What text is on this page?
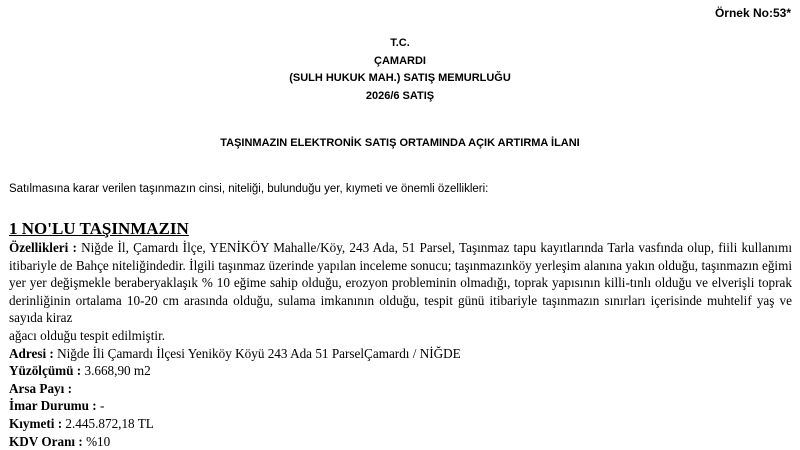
Örnek No:53*
T.C.
ÇAMARDI
(SULH HUKUK MAH.) SATIŞ MEMURLUĞU
2026/6 SATIŞ
TAŞINMAZIN ELEKTRONİK SATIŞ ORTAMINDA AÇIK ARTIRMA İLANI
Satılmasına karar verilen taşınmazın cinsi, niteliği, bulunduğu yer, kıymeti ve önemli özellikleri:

1 NO'LU TAŞINMAZIN

Özellikleri : Niğde İl, Çamardı İlçe, YENİKÖY Mahalle/Köy, 243 Ada, 51 Parsel, Taşınmaz tapu kayıtlarında Tarla vasfında olup, fiili kullanımı itibariyle de Bahçe niteliğindedir. İlgili taşınmaz üzerinde yapılan inceleme sonucu; taşınmazınköy yerleşim alanına yakın olduğu, taşınmazın eğimi yer yer değişmekle beraberyaklaşık % 10 eğime sahip olduğu, erozyon probleminin olmadığı, toprak yapısının killi-tınlı olduğu ve elverişli toprak derinliğinin ortalama 10-20 cm arasında olduğu, sulama imkanının olduğu, tespit günü itibariyle taşınmazın sınırları içerisinde muhtelif yaş ve sayıda kiraz

ağacı olduğu tespit edilmiştir.

Adresi : Niğde İli Çamardı İlçesi Yeniköy Köyü 243 Ada 51 ParselÇamardı / NİĞDE

Yüzölçümü : 3.668,90 m2

Arsa Payı :

İmar Durumu : -

Kıymeti : 2.445.872,18 TL

KDV Oranı : %10
